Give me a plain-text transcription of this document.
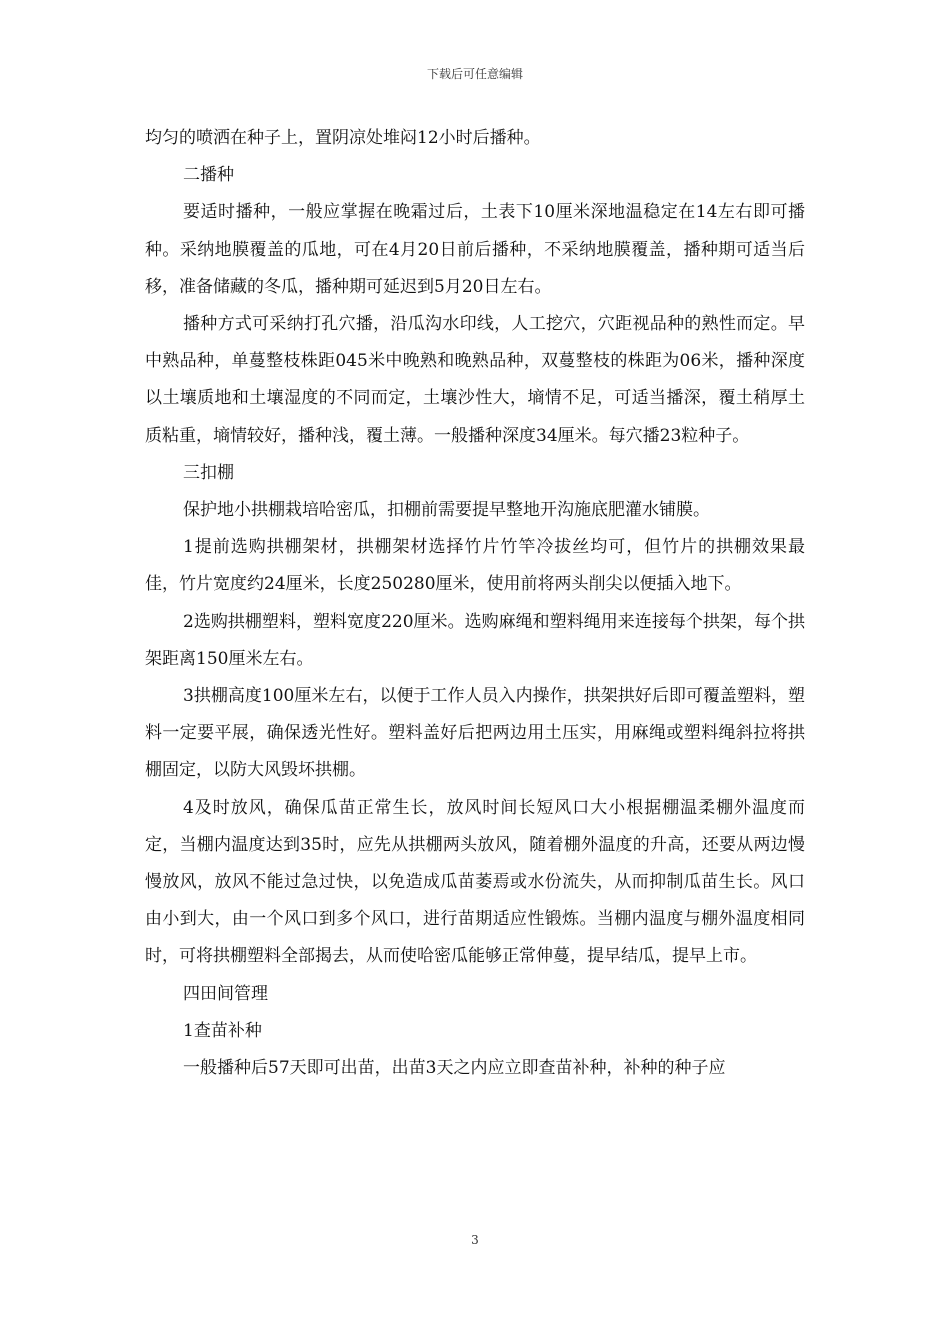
下载后可任意编辑

均匀的喷洒在种子上，置阴凉处堆闷12小时后播种。

二播种

要适时播种，一般应掌握在晚霜过后，土表下10厘米深地温稳定在14左右即可播种。采纳地膜覆盖的瓜地，可在4月20日前后播种，不采纳地膜覆盖，播种期可适当后移，准备储藏的冬瓜，播种期可延迟到5月20日左右。

播种方式可采纳打孔穴播，沿瓜沟水印线，人工挖穴，穴距视品种的熟性而定。早中熟品种，单蔓整枝株距045米中晚熟和晚熟品种，双蔓整枝的株距为06米，播种深度以土壤质地和土壤湿度的不同而定，土壤沙性大，墒情不足，可适当播深，覆土稍厚土质粘重，墒情较好，播种浅，覆土薄。一般播种深度34厘米。每穴播23粒种子。

三扣棚

保护地小拱棚栽培哈密瓜，扣棚前需要提早整地开沟施底肥灌水铺膜。

1提前选购拱棚架材，拱棚架材选择竹片竹竿冷拔丝均可，但竹片的拱棚效果最佳，竹片宽度约24厘米，长度250280厘米，使用前将两头削尖以便插入地下。

2选购拱棚塑料，塑料宽度220厘米。选购麻绳和塑料绳用来连接每个拱架，每个拱架距离150厘米左右。

3拱棚高度100厘米左右，以便于工作人员入内操作，拱架拱好后即可覆盖塑料，塑料一定要平展，确保透光性好。塑料盖好后把两边用土压实，用麻绳或塑料绳斜拉将拱棚固定，以防大风毁坏拱棚。

4及时放风，确保瓜苗正常生长，放风时间长短风口大小根据棚温柔棚外温度而定，当棚内温度达到35时，应先从拱棚两头放风，随着棚外温度的升高，还要从两边慢慢放风，放风不能过急过快，以免造成瓜苗萎焉或水份流失，从而抑制瓜苗生长。风口由小到大，由一个风口到多个风口，进行苗期适应性锻炼。当棚内温度与棚外温度相同时，可将拱棚塑料全部揭去，从而使哈密瓜能够正常伸蔓，提早结瓜，提早上市。

四田间管理

1查苗补种

一般播种后57天即可出苗，出苗3天之内应立即查苗补种，补种的种子应

3
